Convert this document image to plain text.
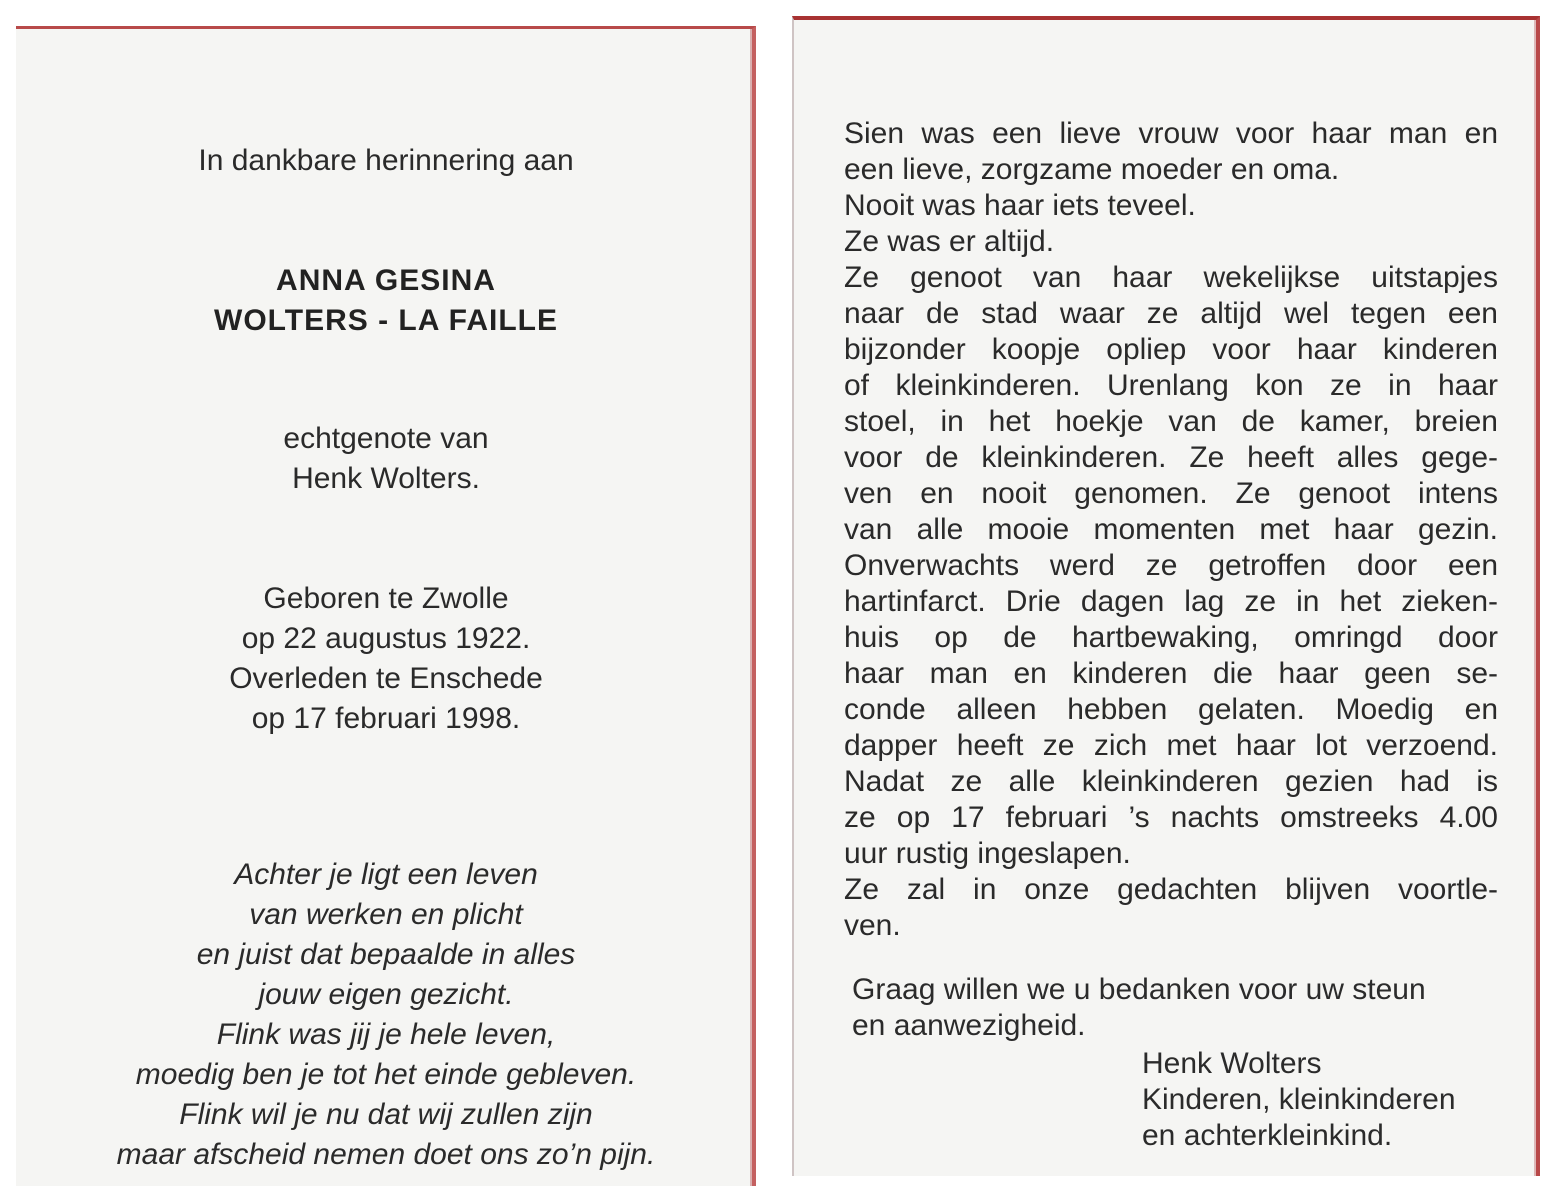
In dankbare herinnering aan
ANNA GESINA
WOLTERS - LA FAILLE
echtgenote van
Henk Wolters.
Geboren te Zwolle
op 22 augustus 1922.
Overleden te Enschede
op 17 februari 1998.
Achter je ligt een leven
van werken en plicht
en juist dat bepaalde in alles
jouw eigen gezicht.
Flink was jij je hele leven,
moedig ben je tot het einde gebleven.
Flink wil je nu dat wij zullen zijn
maar afscheid nemen doet ons zo’n pijn.
Sien was een lieve vrouw voor haar man en
een lieve, zorgzame moeder en oma.
Nooit was haar iets teveel.
Ze was er altijd.
Ze genoot van haar wekelijkse uitstapjes
naar de stad waar ze altijd wel tegen een
bijzonder koopje opliep voor haar kinderen
of kleinkinderen. Urenlang kon ze in haar
stoel, in het hoekje van de kamer, breien
voor de kleinkinderen. Ze heeft alles gege-
ven en nooit genomen. Ze genoot intens
van alle mooie momenten met haar gezin.
Onverwachts werd ze getroffen door een
hartinfarct. Drie dagen lag ze in het zieken-
huis op de hartbewaking, omringd door
haar man en kinderen die haar geen se-
conde alleen hebben gelaten. Moedig en
dapper heeft ze zich met haar lot verzoend.
Nadat ze alle kleinkinderen gezien had is
ze op 17 februari ’s nachts omstreeks 4.00
uur rustig ingeslapen.
Ze zal in onze gedachten blijven voortle-
ven.
Graag willen we u bedanken voor uw steun
en aanwezigheid.
Henk Wolters
Kinderen, kleinkinderen
en achterkleinkind.
